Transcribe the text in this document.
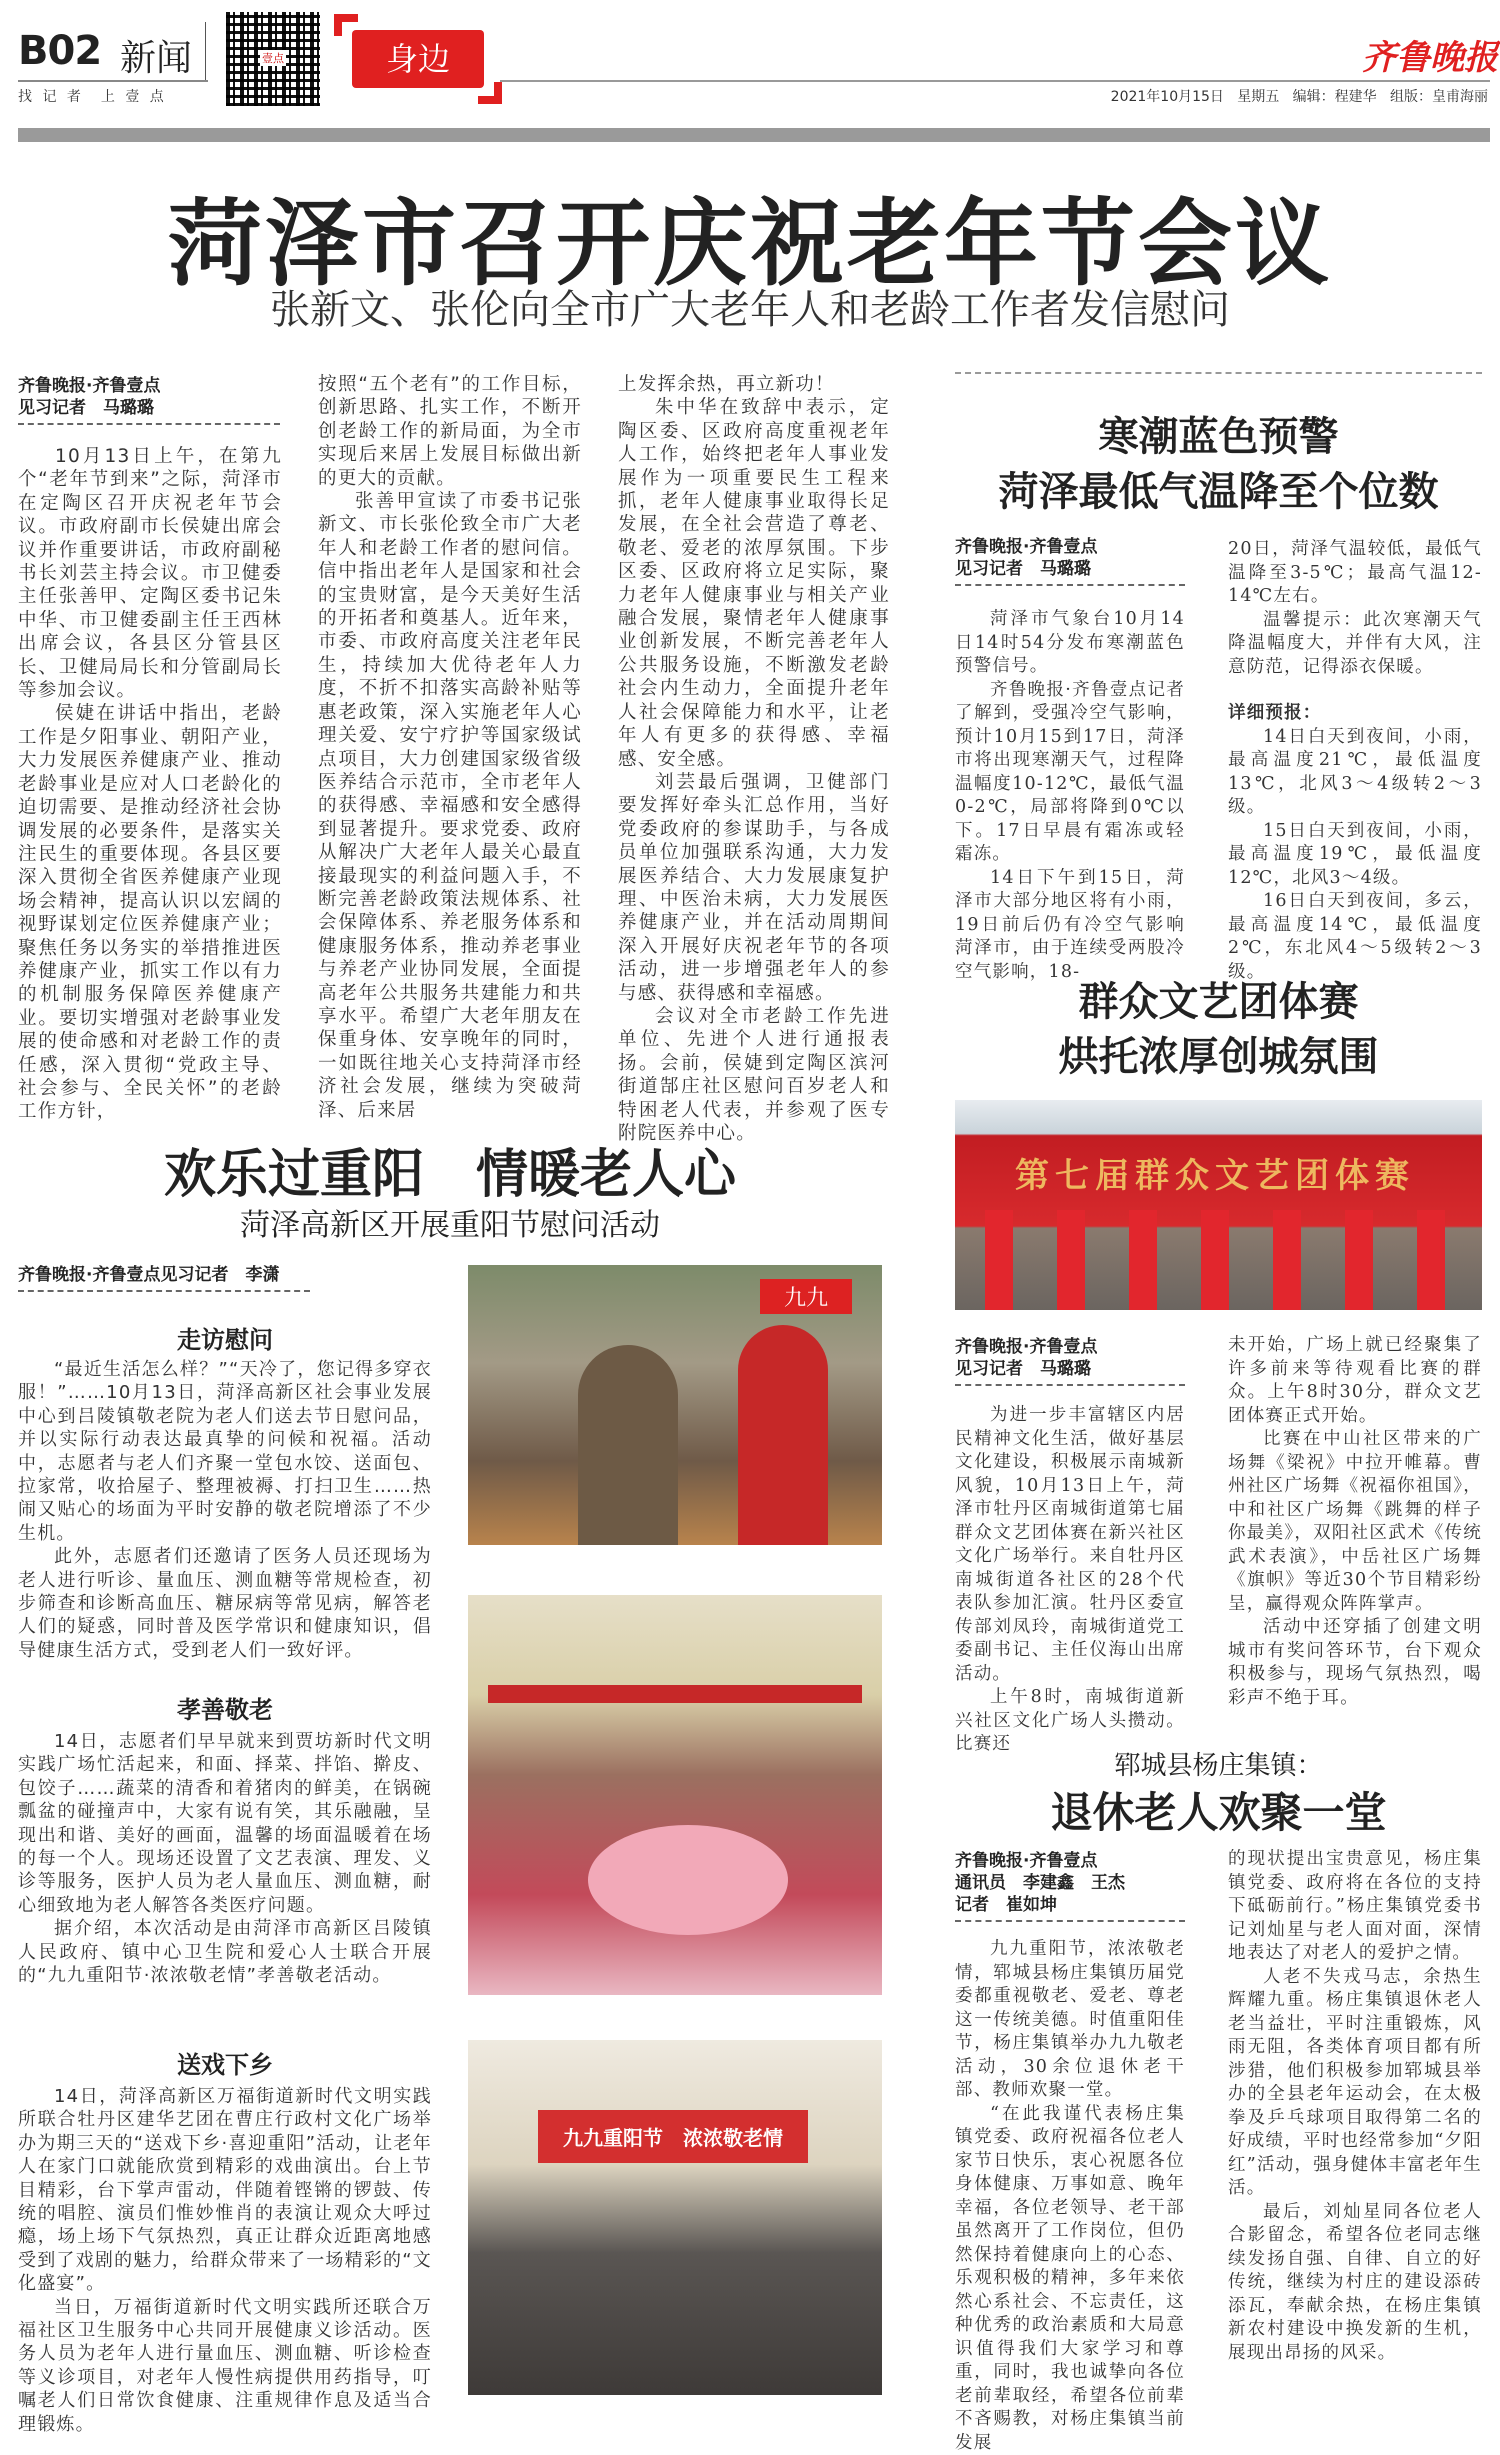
B02 新闻
找 记 者　上 壹 点
壹点	身边	齐鲁晚报
2021年10月15日 星期五 编辑：程建华 组版：皇甫海丽
菏泽市召开庆祝老年节会议
张新文、张伦向全市广大老年人和老龄工作者发信慰问
齐鲁晚报·齐鲁壹点
见习记者　马璐璐

10月13日上午，在第九个“老年节到来”之际，菏泽市在定陶区召开庆祝老年节会议。市政府副市长侯婕出席会议并作重要讲话，市政府副秘书长刘芸主持会议。市卫健委主任张善甲、定陶区委书记朱中华、市卫健委副主任王西林出席会议，各县区分管县区长、卫健局局长和分管副局长等参加会议。

侯婕在讲话中指出，老龄工作是夕阳事业、朝阳产业，大力发展医养健康产业、推动老龄事业是应对人口老龄化的迫切需要、是推动经济社会协调发展的必要条件，是落实关注民生的重要体现。各县区要深入贯彻全省医养健康产业现场会精神，提高认识以宏阔的视野谋划定位医养健康产业；聚焦任务以务实的举措推进医养健康产业，抓实工作以有力的机制服务保障医养健康产业。要切实增强对老龄事业发展的使命感和对老龄工作的责任感，深入贯彻“党政主导、社会参与、全民关怀”的老龄工作方针，

按照“五个老有”的工作目标，创新思路、扎实工作，不断开创老龄工作的新局面，为全市实现后来居上发展目标做出新的更大的贡献。

张善甲宣读了市委书记张新文、市长张伦致全市广大老年人和老龄工作者的慰问信。信中指出老年人是国家和社会的宝贵财富，是今天美好生活的开拓者和奠基人。近年来，市委、市政府高度关注老年民生，持续加大优待老年人力度，不折不扣落实高龄补贴等惠老政策，深入实施老年人心理关爱、安宁疗护等国家级试点项目，大力创建国家级省级医养结合示范市，全市老年人的获得感、幸福感和安全感得到显著提升。要求党委、政府从解决广大老年人最关心最直接最现实的利益问题入手，不断完善老龄政策法规体系、社会保障体系、养老服务体系和健康服务体系，推动养老事业与养老产业协同发展，全面提高老年公共服务共建能力和共享水平。希望广大老年朋友在保重身体、安享晚年的同时，一如既往地关心支持菏泽市经济社会发展，继续为突破菏泽、后来居

上发挥余热，再立新功！

朱中华在致辞中表示，定陶区委、区政府高度重视老年人工作，始终把老年人事业发展作为一项重要民生工程来抓，老年人健康事业取得长足发展，在全社会营造了尊老、敬老、爱老的浓厚氛围。下步区委、区政府将立足实际，聚力老年人健康事业与相关产业融合发展，聚情老年人健康事业创新发展，不断完善老年人公共服务设施，不断激发老龄社会内生动力，全面提升老年人社会保障能力和水平，让老年人有更多的获得感、幸福感、安全感。

刘芸最后强调，卫健部门要发挥好牵头汇总作用，当好党委政府的参谋助手，与各成员单位加强联系沟通，大力发展医养结合、大力发展康复护理、中医治未病，大力发展医养健康产业，并在活动周期间深入开展好庆祝老年节的各项活动，进一步增强老年人的参与感、获得感和幸福感。

会议对全市老龄工作先进单位、先进个人进行通报表扬。会前，侯婕到定陶区滨河街道郜庄社区慰问百岁老人和特困老人代表，并参观了医专附院医养中心。

寒潮蓝色预警
菏泽最低气温降至个位数
齐鲁晚报·齐鲁壹点
见习记者　马璐璐

菏泽市气象台10月14日14时54分发布寒潮蓝色预警信号。

齐鲁晚报·齐鲁壹点记者了解到，受强冷空气影响，预计10月15到17日，菏泽市将出现寒潮天气，过程降温幅度10-12℃，最低气温0-2℃，局部将降到0℃以下。17日早晨有霜冻或轻霜冻。

14日下午到15日，菏泽市大部分地区将有小雨，19日前后仍有冷空气影响菏泽市，由于连续受两股冷空气影响，18-

20日，菏泽气温较低，最低气温降至3-5℃；最高气温12-14℃左右。

温馨提示：此次寒潮天气降温幅度大，并伴有大风，注意防范，记得添衣保暖。

详细预报：

14日白天到夜间，小雨，最高温度21℃，最低温度13℃，北风3～4级转2～3级。

15日白天到夜间，小雨，最高温度19℃，最低温度12℃，北风3～4级。

16日白天到夜间，多云，最高温度14℃，最低温度2℃，东北风4～5级转2～3级。

群众文艺团体赛
烘托浓厚创城氛围
第七届群众文艺团体赛
齐鲁晚报·齐鲁壹点
见习记者　马璐璐

为进一步丰富辖区内居民精神文化生活，做好基层文化建设，积极展示南城新风貌，10月13日上午，菏泽市牡丹区南城街道第七届群众文艺团体赛在新兴社区文化广场举行。来自牡丹区南城街道各社区的28个代表队参加汇演。牡丹区委宣传部刘凤玲，南城街道党工委副书记、主任仪海山出席活动。

上午8时，南城街道新兴社区文化广场人头攒动。比赛还

未开始，广场上就已经聚集了许多前来等待观看比赛的群众。上午8时30分，群众文艺团体赛正式开始。

比赛在中山社区带来的广场舞《梁祝》中拉开帷幕。曹州社区广场舞《祝福你祖国》，中和社区广场舞《跳舞的样子你最美》，双阳社区武术《传统武术表演》，中岳社区广场舞《旗帜》等近30个节目精彩纷呈，赢得观众阵阵掌声。

活动中还穿插了创建文明城市有奖问答环节，台下观众积极参与，现场气氛热烈，喝彩声不绝于耳。

郓城县杨庄集镇：
退休老人欢聚一堂
齐鲁晚报·齐鲁壹点
通讯员　李建鑫　王杰
记者　崔如坤

九九重阳节，浓浓敬老情，郓城县杨庄集镇历届党委都重视敬老、爱老、尊老这一传统美德。时值重阳佳节，杨庄集镇举办九九敬老活动，30余位退休老干部、教师欢聚一堂。

“在此我谨代表杨庄集镇党委、政府祝福各位老人家节日快乐，衷心祝愿各位身体健康、万事如意、晚年幸福，各位老领导、老干部虽然离开了工作岗位，但仍然保持着健康向上的心态、乐观积极的精神，多年来依然心系社会、不忘责任，这种优秀的政治素质和大局意识值得我们大家学习和尊重，同时，我也诚挚向各位老前辈取经，希望各位前辈不吝赐教，对杨庄集镇当前发展

的现状提出宝贵意见，杨庄集镇党委、政府将在各位的支持下砥砺前行。”杨庄集镇党委书记刘灿星与老人面对面，深情地表达了对老人的爱护之情。

人老不失戎马志，余热生辉耀九重。杨庄集镇退休老人老当益壮，平时注重锻炼，风雨无阻，各类体育项目都有所涉猎，他们积极参加郓城县举办的全县老年运动会，在太极拳及乒乓球项目取得第二名的好成绩，平时也经常参加“夕阳红”活动，强身健体丰富老年生活。

最后，刘灿星同各位老人合影留念，希望各位老同志继续发扬自强、自律、自立的好传统，继续为村庄的建设添砖添瓦，奉献余热，在杨庄集镇新农村建设中换发新的生机，展现出昂扬的风采。

欢乐过重阳　情暖老人心
菏泽高新区开展重阳节慰问活动
齐鲁晚报·齐鲁壹点见习记者　李潇
走访慰问

“最近生活怎么样？”“天冷了，您记得多穿衣服！”……10月13日，菏泽高新区社会事业发展中心到吕陵镇敬老院为老人们送去节日慰问品，并以实际行动表达最真挚的问候和祝福。活动中，志愿者与老人们齐聚一堂包水饺、送面包、拉家常，收拾屋子、整理被褥、打扫卫生……热闹又贴心的场面为平时安静的敬老院增添了不少生机。

此外，志愿者们还邀请了医务人员还现场为老人进行听诊、量血压、测血糖等常规检查，初步筛查和诊断高血压、糖尿病等常见病，解答老人们的疑惑，同时普及医学常识和健康知识，倡导健康生活方式，受到老人们一致好评。

孝善敬老

14日，志愿者们早早就来到贾坊新时代文明实践广场忙活起来，和面、择菜、拌馅、擀皮、包饺子……蔬菜的清香和着猪肉的鲜美，在锅碗瓢盆的碰撞声中，大家有说有笑，其乐融融，呈现出和谐、美好的画面，温馨的场面温暖着在场的每一个人。现场还设置了文艺表演、理发、义诊等服务，医护人员为老人量血压、测血糖，耐心细致地为老人解答各类医疗问题。

据介绍，本次活动是由菏泽市高新区吕陵镇人民政府、镇中心卫生院和爱心人士联合开展的“九九重阳节·浓浓敬老情”孝善敬老活动。

送戏下乡

14日，菏泽高新区万福街道新时代文明实践所联合牡丹区建华艺团在曹庄行政村文化广场举办为期三天的“送戏下乡·喜迎重阳”活动，让老年人在家门口就能欣赏到精彩的戏曲演出。台上节目精彩，台下掌声雷动，伴随着铿锵的锣鼓、传统的唱腔、演员们惟妙惟肖的表演让观众大呼过瘾，场上场下气氛热烈，真正让群众近距离地感受到了戏剧的魅力，给群众带来了一场精彩的“文化盛宴”。

当日，万福街道新时代文明实践所还联合万福社区卫生服务中心共同开展健康义诊活动。医务人员为老年人进行量血压、测血糖、听诊检查等义诊项目，对老年人慢性病提供用药指导，叮嘱老人们日常饮食健康、注重规律作息及适当合理锻炼。

九九
九九重阳节　浓浓敬老情
